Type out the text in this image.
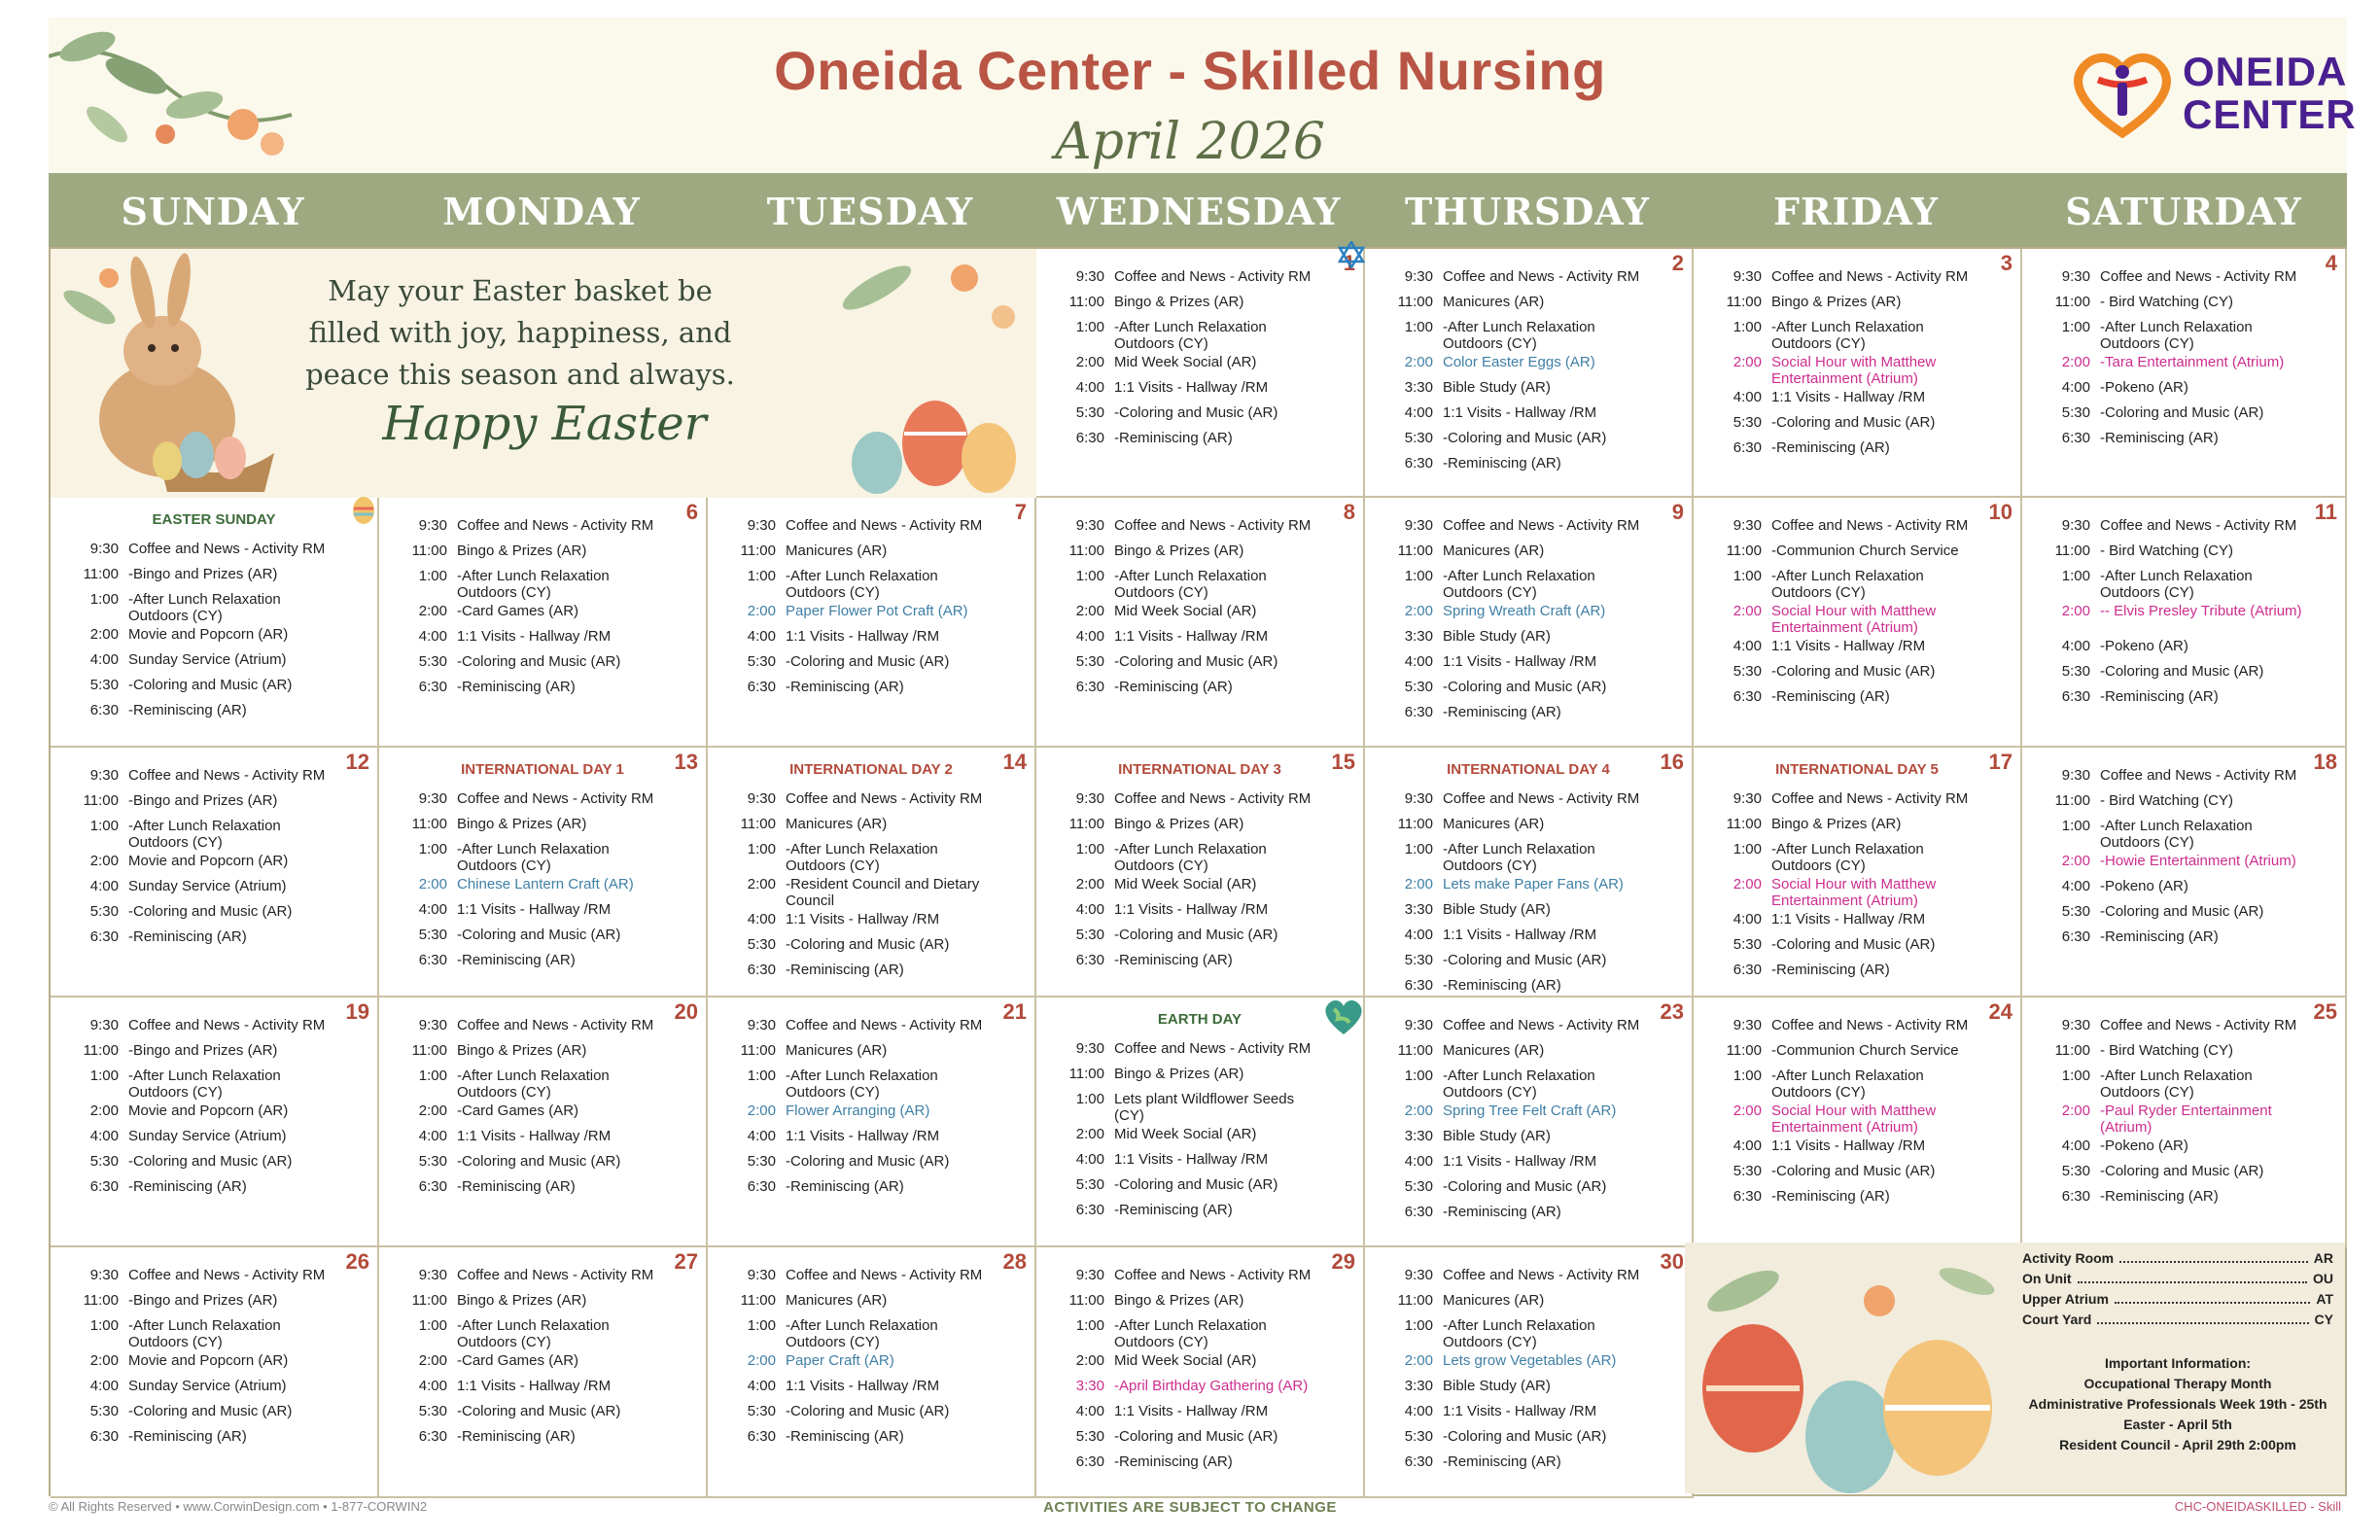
Oneida Center - Skilled Nursing
April 2026
ONEIDA
CENTER
SUNDAY	MONDAY	TUESDAY	WEDNESDAY	THURSDAY	FRIDAY	SATURDAY
1
9:30 Coffee and News - Activity RM
11:00 Bingo & Prizes (AR)
1:00 -After Lunch Relaxation Outdoors (CY)
2:00 Mid Week Social (AR)
4:00 1:1 Visits - Hallway /RM
5:30 -Coloring and Music (AR)
6:30 -Reminiscing (AR)
2
9:30 Coffee and News - Activity RM
11:00 Manicures (AR)
1:00 -After Lunch Relaxation Outdoors (CY)
2:00 Color Easter Eggs (AR)
3:30 Bible Study (AR)
4:00 1:1 Visits - Hallway /RM
5:30 -Coloring and Music (AR)
6:30 -Reminiscing (AR)
3
9:30 Coffee and News - Activity RM
11:00 Bingo & Prizes (AR)
1:00 -After Lunch Relaxation Outdoors (CY)
2:00 Social Hour with Matthew Entertainment (Atrium)
4:00 1:1 Visits - Hallway /RM
5:30 -Coloring and Music (AR)
6:30 -Reminiscing (AR)
4
9:30 Coffee and News - Activity RM
11:00 - Bird Watching (CY)
1:00 -After Lunch Relaxation Outdoors (CY)
2:00 -Tara Entertainment (Atrium)
4:00 -Pokeno (AR)
5:30 -Coloring and Music (AR)
6:30 -Reminiscing (AR)
EASTER SUNDAY
9:30 Coffee and News - Activity RM
11:00 -Bingo and Prizes (AR)
1:00 -After Lunch Relaxation Outdoors (CY)
2:00 Movie and Popcorn (AR)
4:00 Sunday Service (Atrium)
5:30 -Coloring and Music (AR)
6:30 -Reminiscing (AR)
6
9:30 Coffee and News - Activity RM
11:00 Bingo & Prizes (AR)
1:00 -After Lunch Relaxation Outdoors (CY)
2:00 -Card Games (AR)
4:00 1:1 Visits - Hallway /RM
5:30 -Coloring and Music (AR)
6:30 -Reminiscing (AR)
7
9:30 Coffee and News - Activity RM
11:00 Manicures (AR)
1:00 -After Lunch Relaxation Outdoors (CY)
2:00 Paper Flower Pot Craft (AR)
4:00 1:1 Visits - Hallway /RM
5:30 -Coloring and Music (AR)
6:30 -Reminiscing (AR)
8
9:30 Coffee and News - Activity RM
11:00 Bingo & Prizes (AR)
1:00 -After Lunch Relaxation Outdoors (CY)
2:00 Mid Week Social (AR)
4:00 1:1 Visits - Hallway /RM
5:30 -Coloring and Music (AR)
6:30 -Reminiscing (AR)
9
9:30 Coffee and News - Activity RM
11:00 Manicures (AR)
1:00 -After Lunch Relaxation Outdoors (CY)
2:00 Spring Wreath Craft (AR)
3:30 Bible Study (AR)
4:00 1:1 Visits - Hallway /RM
5:30 -Coloring and Music (AR)
6:30 -Reminiscing (AR)
10
9:30 Coffee and News - Activity RM
11:00 -Communion Church Service
1:00 -After Lunch Relaxation Outdoors (CY)
2:00 Social Hour with Matthew Entertainment (Atrium)
4:00 1:1 Visits - Hallway /RM
5:30 -Coloring and Music (AR)
6:30 -Reminiscing (AR)
11
9:30 Coffee and News - Activity RM
11:00 - Bird Watching (CY)
1:00 -After Lunch Relaxation Outdoors (CY)
2:00 -- Elvis Presley Tribute (Atrium)
4:00 -Pokeno (AR)
5:30 -Coloring and Music (AR)
6:30 -Reminiscing (AR)
12
9:30 Coffee and News - Activity RM
11:00 -Bingo and Prizes (AR)
1:00 -After Lunch Relaxation Outdoors (CY)
2:00 Movie and Popcorn (AR)
4:00 Sunday Service (Atrium)
5:30 -Coloring and Music (AR)
6:30 -Reminiscing (AR)
13
INTERNATIONAL DAY 1
9:30 Coffee and News - Activity RM
11:00 Bingo & Prizes (AR)
1:00 -After Lunch Relaxation Outdoors (CY)
2:00 Chinese Lantern Craft (AR)
4:00 1:1 Visits - Hallway /RM
5:30 -Coloring and Music (AR)
6:30 -Reminiscing (AR)
14
INTERNATIONAL DAY 2
9:30 Coffee and News - Activity RM
11:00 Manicures (AR)
1:00 -After Lunch Relaxation Outdoors (CY)
2:00 -Resident Council and Dietary Council
4:00 1:1 Visits - Hallway /RM
5:30 -Coloring and Music (AR)
6:30 -Reminiscing (AR)
15
INTERNATIONAL DAY 3
9:30 Coffee and News - Activity RM
11:00 Bingo & Prizes (AR)
1:00 -After Lunch Relaxation Outdoors (CY)
2:00 Mid Week Social (AR)
4:00 1:1 Visits - Hallway /RM
5:30 -Coloring and Music (AR)
6:30 -Reminiscing (AR)
16
INTERNATIONAL DAY 4
9:30 Coffee and News - Activity RM
11:00 Manicures (AR)
1:00 -After Lunch Relaxation Outdoors (CY)
2:00 Lets make Paper Fans (AR)
3:30 Bible Study (AR)
4:00 1:1 Visits - Hallway /RM
5:30 -Coloring and Music (AR)
6:30 -Reminiscing (AR)
17
INTERNATIONAL DAY 5
9:30 Coffee and News - Activity RM
11:00 Bingo & Prizes (AR)
1:00 -After Lunch Relaxation Outdoors (CY)
2:00 Social Hour with Matthew Entertainment (Atrium)
4:00 1:1 Visits - Hallway /RM
5:30 -Coloring and Music (AR)
6:30 -Reminiscing (AR)
18
9:30 Coffee and News - Activity RM
11:00 - Bird Watching (CY)
1:00 -After Lunch Relaxation Outdoors (CY)
2:00 -Howie Entertainment (Atrium)
4:00 -Pokeno (AR)
5:30 -Coloring and Music (AR)
6:30 -Reminiscing (AR)
19
9:30 Coffee and News - Activity RM
11:00 -Bingo and Prizes (AR)
1:00 -After Lunch Relaxation Outdoors (CY)
2:00 Movie and Popcorn (AR)
4:00 Sunday Service (Atrium)
5:30 -Coloring and Music (AR)
6:30 -Reminiscing (AR)
20
9:30 Coffee and News - Activity RM
11:00 Bingo & Prizes (AR)
1:00 -After Lunch Relaxation Outdoors (CY)
2:00 -Card Games (AR)
4:00 1:1 Visits - Hallway /RM
5:30 -Coloring and Music (AR)
6:30 -Reminiscing (AR)
21
9:30 Coffee and News - Activity RM
11:00 Manicures (AR)
1:00 -After Lunch Relaxation Outdoors (CY)
2:00 Flower Arranging (AR)
4:00 1:1 Visits - Hallway /RM
5:30 -Coloring and Music (AR)
6:30 -Reminiscing (AR)
EARTH DAY
9:30 Coffee and News - Activity RM
11:00 Bingo & Prizes (AR)
1:00 Lets plant Wildflower Seeds (CY)
2:00 Mid Week Social (AR)
4:00 1:1 Visits - Hallway /RM
5:30 -Coloring and Music (AR)
6:30 -Reminiscing (AR)
23
9:30 Coffee and News - Activity RM
11:00 Manicures (AR)
1:00 -After Lunch Relaxation Outdoors (CY)
2:00 Spring Tree Felt Craft (AR)
3:30 Bible Study (AR)
4:00 1:1 Visits - Hallway /RM
5:30 -Coloring and Music (AR)
6:30 -Reminiscing (AR)
24
9:30 Coffee and News - Activity RM
11:00 -Communion Church Service
1:00 -After Lunch Relaxation Outdoors (CY)
2:00 Social Hour with Matthew Entertainment (Atrium)
4:00 1:1 Visits - Hallway /RM
5:30 -Coloring and Music (AR)
6:30 -Reminiscing (AR)
25
9:30 Coffee and News - Activity RM
11:00 - Bird Watching (CY)
1:00 -After Lunch Relaxation Outdoors (CY)
2:00 -Paul Ryder Entertainment (Atrium)
4:00 -Pokeno (AR)
5:30 -Coloring and Music (AR)
6:30 -Reminiscing (AR)
26
9:30 Coffee and News - Activity RM
11:00 -Bingo and Prizes (AR)
1:00 -After Lunch Relaxation Outdoors (CY)
2:00 Movie and Popcorn (AR)
4:00 Sunday Service (Atrium)
5:30 -Coloring and Music (AR)
6:30 -Reminiscing (AR)
27
9:30 Coffee and News - Activity RM
11:00 Bingo & Prizes (AR)
1:00 -After Lunch Relaxation Outdoors (CY)
2:00 -Card Games (AR)
4:00 1:1 Visits - Hallway /RM
5:30 -Coloring and Music (AR)
6:30 -Reminiscing (AR)
28
9:30 Coffee and News - Activity RM
11:00 Manicures (AR)
1:00 -After Lunch Relaxation Outdoors (CY)
2:00 Paper Craft (AR)
4:00 1:1 Visits - Hallway /RM
5:30 -Coloring and Music (AR)
6:30 -Reminiscing (AR)
29
9:30 Coffee and News - Activity RM
11:00 Bingo & Prizes (AR)
1:00 -After Lunch Relaxation Outdoors (CY)
2:00 Mid Week Social (AR)
3:30 -April Birthday Gathering (AR)
4:00 1:1 Visits - Hallway /RM
5:30 -Coloring and Music (AR)
6:30 -Reminiscing (AR)
30
9:30 Coffee and News - Activity RM
11:00 Manicures (AR)
1:00 -After Lunch Relaxation Outdoors (CY)
2:00 Lets grow Vegetables (AR)
3:30 Bible Study (AR)
4:00 1:1 Visits - Hallway /RM
5:30 -Coloring and Music (AR)
6:30 -Reminiscing (AR)
May your Easter basket be filled with joy, happiness, and peace this season and always.
Happy Easter
Activity Room	AR
On Unit	OU
Upper Atrium	AT
Court Yard	CY
Important Information:
Occupational Therapy Month
Administrative Professionals Week 19th - 25th
Easter - April 5th
Resident Council - April 29th 2:00pm
© All Rights Reserved • www.CorwinDesign.com • 1-877-CORWIN2	ACTIVITIES ARE SUBJECT TO CHANGE	CHC-ONEIDASKILLED - Skill
